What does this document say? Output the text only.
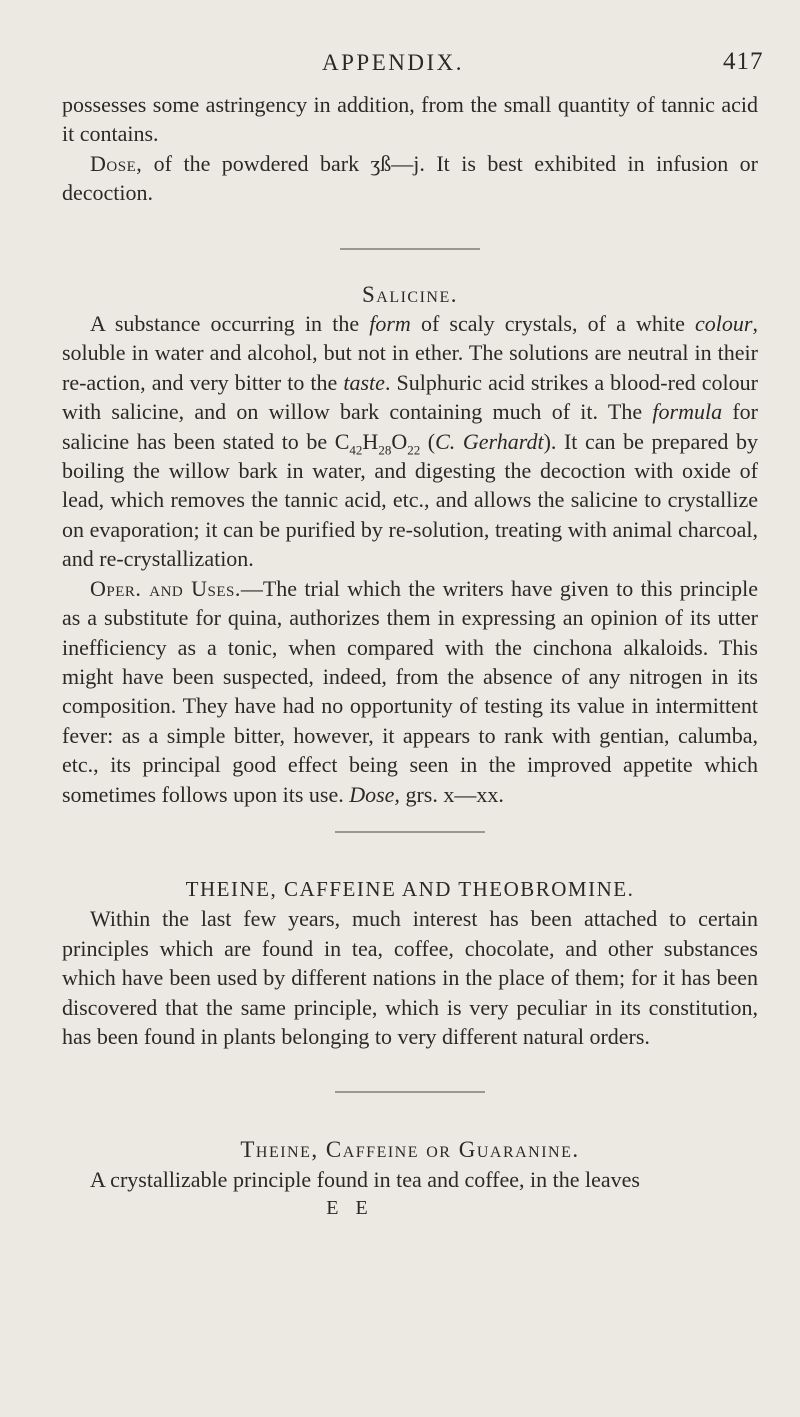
APPENDIX.	417

possesses some astringency in addition, from the small quantity of tannic acid it contains.

Dose, of the powdered bark ʒß—j. It is best exhibited in infusion or decoction.

Salicine.

A substance occurring in the form of scaly crystals, of a white colour, soluble in water and alcohol, but not in ether. The solutions are neutral in their re-action, and very bitter to the taste. Sulphuric acid strikes a blood-red colour with salicine, and on willow bark containing much of it. The formula for salicine has been stated to be $C_{42}H_{28}O_{22}$ (C. Gerhardt). It can be prepared by boiling the willow bark in water, and digesting the decoction with oxide of lead, which removes the tannic acid, etc., and allows the salicine to crystallize on evaporation; it can be purified by re-solution, treating with animal charcoal, and re-crystallization.

Oper. and Uses.—The trial which the writers have given to this principle as a substitute for quina, authorizes them in expressing an opinion of its utter inefficiency as a tonic, when compared with the cinchona alkaloids. This might have been suspected, indeed, from the absence of any nitrogen in its composition. They have had no opportunity of testing its value in intermittent fever: as a simple bitter, however, it appears to rank with gentian, calumba, etc., its principal good effect being seen in the improved appetite which sometimes follows upon its use. Dose, grs. x—xx.

THEINE, CAFFEINE AND THEOBROMINE.

Within the last few years, much interest has been attached to certain principles which are found in tea, coffee, chocolate, and other substances which have been used by different nations in the place of them; for it has been discovered that the same principle, which is very peculiar in its constitution, has been found in plants belonging to very different natural orders.

Theine, Caffeine or Guaranine.

A crystallizable principle found in tea and coffee, in the leaves

E E
